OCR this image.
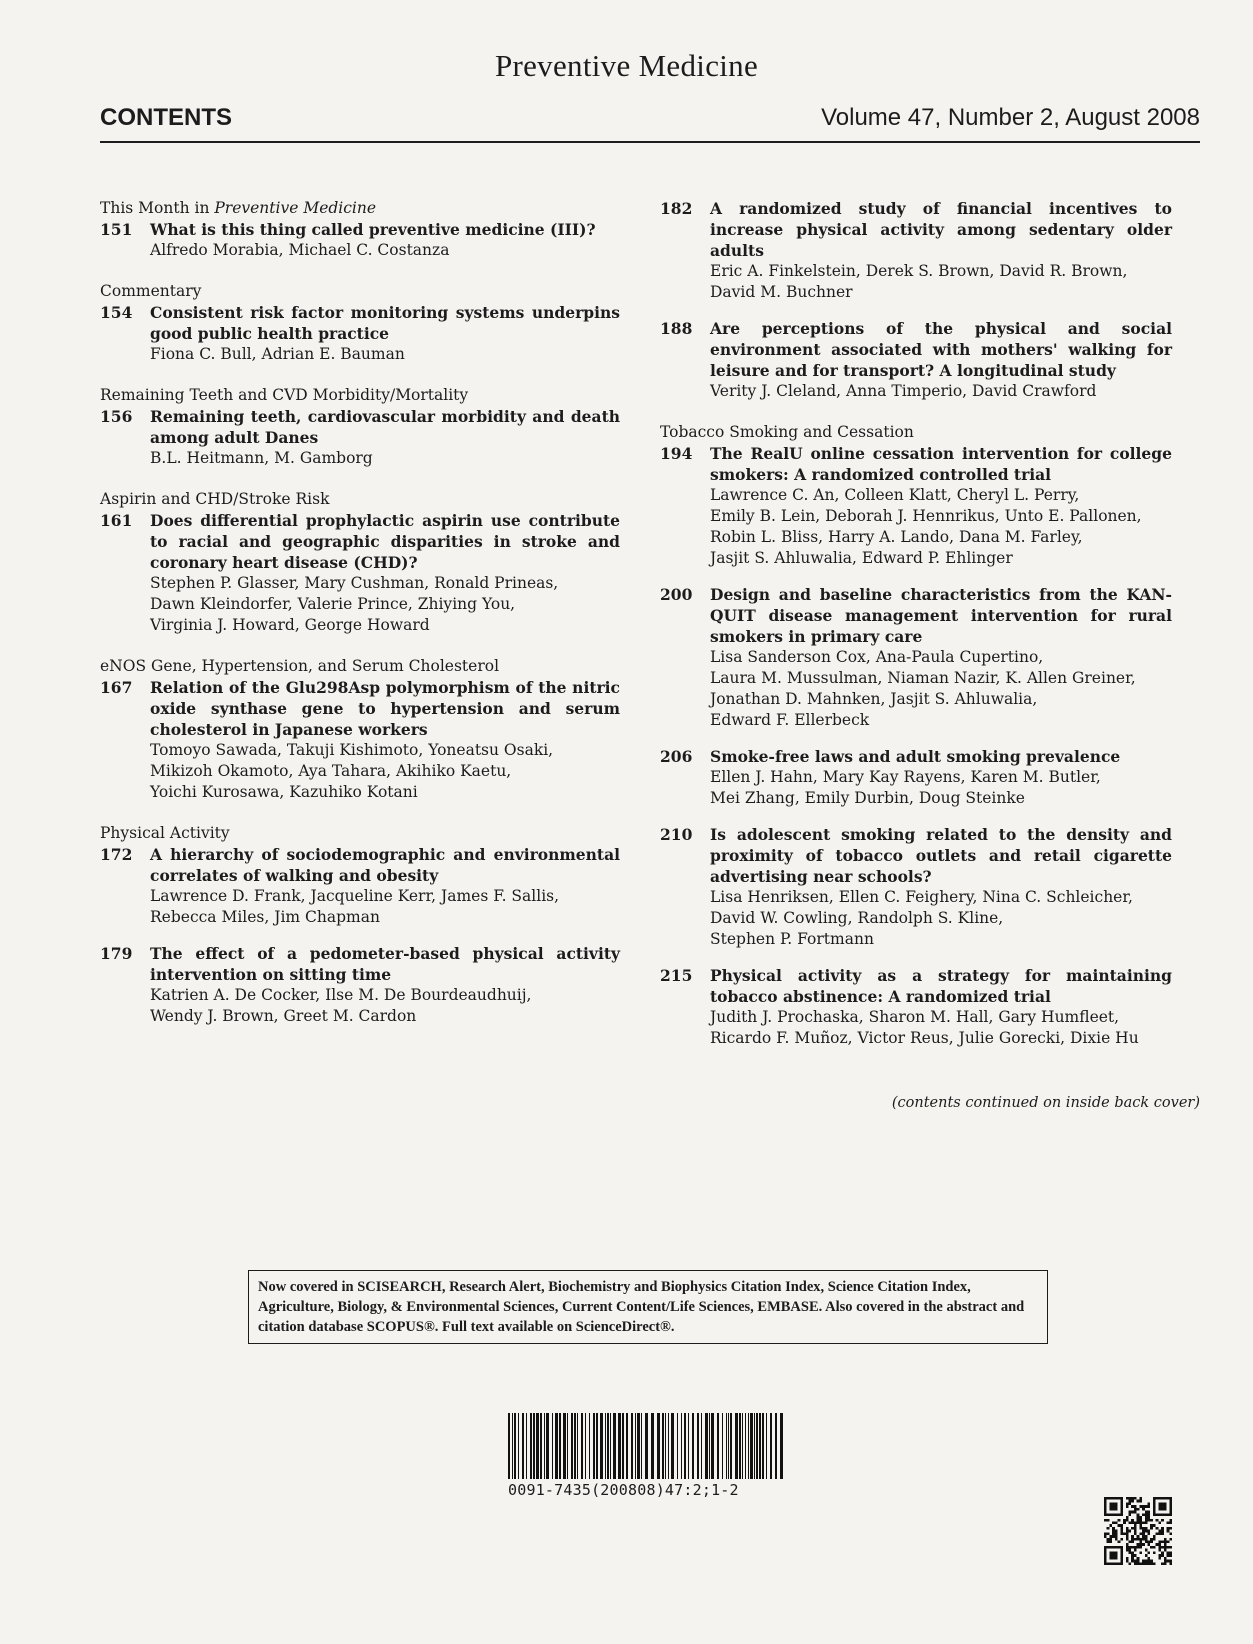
Preventive Medicine
CONTENTS	Volume 47, Number 2, August 2008
This Month in Preventive Medicine
151	What is this thing called preventive medicine (III)?
Alfredo Morabia, Michael C. Costanza
Commentary
154	Consistent risk factor monitoring systems underpins good public health practice
Fiona C. Bull, Adrian E. Bauman
Remaining Teeth and CVD Morbidity/Mortality
156	Remaining teeth, cardiovascular morbidity and death among adult Danes
B.L. Heitmann, M. Gamborg
Aspirin and CHD/Stroke Risk
161	Does differential prophylactic aspirin use contribute to racial and geographic disparities in stroke and coronary heart disease (CHD)?
Stephen P. Glasser, Mary Cushman, Ronald Prineas,
Dawn Kleindorfer, Valerie Prince, Zhiying You,
Virginia J. Howard, George Howard
eNOS Gene, Hypertension, and Serum Cholesterol
167	Relation of the Glu298Asp polymorphism of the nitric oxide synthase gene to hypertension and serum cholesterol in Japanese workers
Tomoyo Sawada, Takuji Kishimoto, Yoneatsu Osaki,
Mikizoh Okamoto, Aya Tahara, Akihiko Kaetu,
Yoichi Kurosawa, Kazuhiko Kotani
Physical Activity
172	A hierarchy of sociodemographic and environmental correlates of walking and obesity
Lawrence D. Frank, Jacqueline Kerr, James F. Sallis,
Rebecca Miles, Jim Chapman
179	The effect of a pedometer-based physical activity intervention on sitting time
Katrien A. De Cocker, Ilse M. De Bourdeaudhuij,
Wendy J. Brown, Greet M. Cardon
182	A randomized study of financial incentives to increase physical activity among sedentary older adults
Eric A. Finkelstein, Derek S. Brown, David R. Brown,
David M. Buchner
188	Are perceptions of the physical and social environment associated with mothers' walking for leisure and for transport? A longitudinal study
Verity J. Cleland, Anna Timperio, David Crawford
Tobacco Smoking and Cessation
194	The RealU online cessation intervention for college smokers: A randomized controlled trial
Lawrence C. An, Colleen Klatt, Cheryl L. Perry,
Emily B. Lein, Deborah J. Hennrikus, Unto E. Pallonen,
Robin L. Bliss, Harry A. Lando, Dana M. Farley,
Jasjit S. Ahluwalia, Edward P. Ehlinger
200	Design and baseline characteristics from the KAN-QUIT disease management intervention for rural smokers in primary care
Lisa Sanderson Cox, Ana-Paula Cupertino,
Laura M. Mussulman, Niaman Nazir, K. Allen Greiner,
Jonathan D. Mahnken, Jasjit S. Ahluwalia,
Edward F. Ellerbeck
206	Smoke-free laws and adult smoking prevalence
Ellen J. Hahn, Mary Kay Rayens, Karen M. Butler,
Mei Zhang, Emily Durbin, Doug Steinke
210	Is adolescent smoking related to the density and proximity of tobacco outlets and retail cigarette advertising near schools?
Lisa Henriksen, Ellen C. Feighery, Nina C. Schleicher,
David W. Cowling, Randolph S. Kline,
Stephen P. Fortmann
215	Physical activity as a strategy for maintaining tobacco abstinence: A randomized trial
Judith J. Prochaska, Sharon M. Hall, Gary Humfleet,
Ricardo F. Muñoz, Victor Reus, Julie Gorecki, Dixie Hu
(contents continued on inside back cover)
Now covered in SCISEARCH, Research Alert, Biochemistry and Biophysics Citation Index, Science Citation Index, Agriculture, Biology, & Environmental Sciences, Current Content/Life Sciences, EMBASE. Also covered in the abstract and citation database SCOPUS®. Full text available on ScienceDirect®.
0091-7435(200808)47:2;1-2
